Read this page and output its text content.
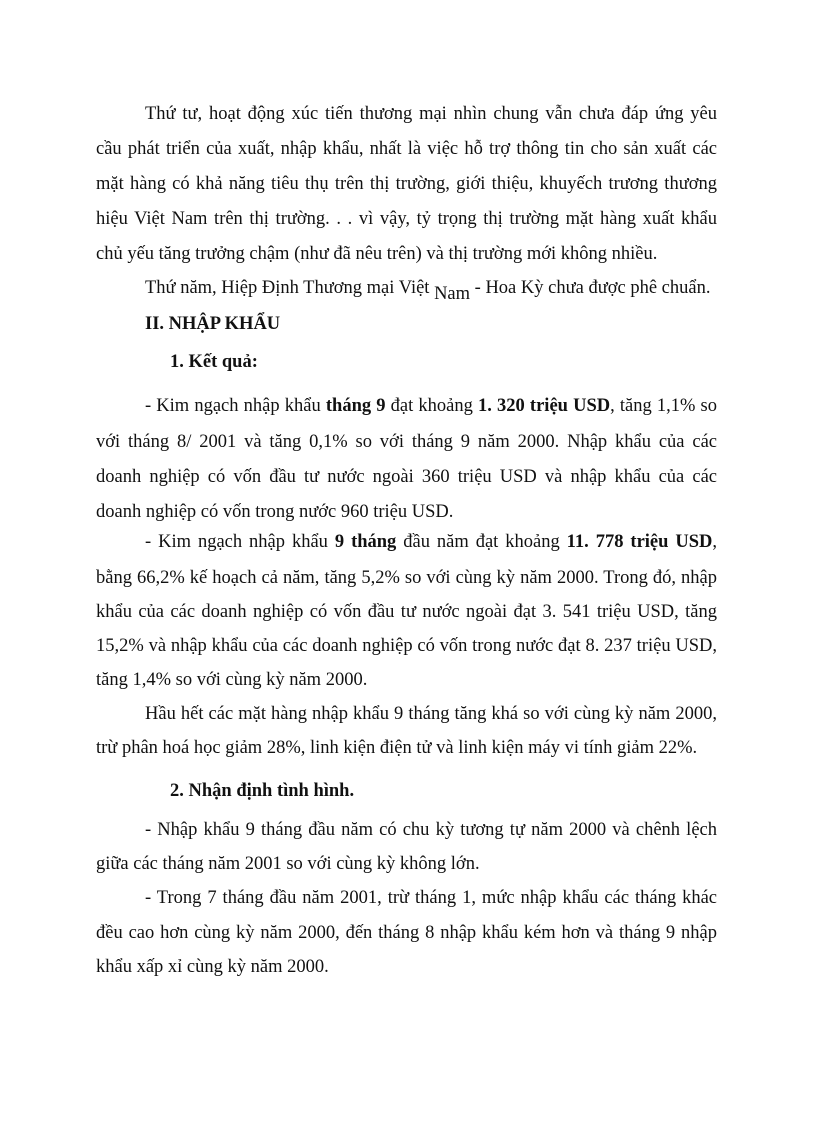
Thứ tư, hoạt động xúc tiến thương mại nhìn chung vẫn chưa đáp ứng yêu
cầu phát triển của xuất, nhập khẩu, nhất là việc hỗ trợ thông tin cho sản xuất các
mặt hàng có khả năng tiêu thụ trên thị trường, giới thiệu, khuyếch trương thương
hiệu Việt Nam trên thị trường. . . vì vậy, tỷ trọng thị trường mặt hàng xuất khẩu
chủ yếu tăng trưởng chậm (như đã nêu trên) và thị trường mới không nhiều.
Thứ năm, Hiệp Định Thương mại Việt Nam - Hoa Kỳ chưa được phê chuẩn.
II. NHẬP KHẨU
1. Kết quả:
- Kim ngạch nhập khẩu tháng 9 đạt khoảng 1. 320 triệu USD, tăng 1,1% so
với tháng 8/ 2001 và tăng 0,1% so với tháng 9 năm 2000. Nhập khẩu của các
doanh nghiệp có vốn đầu tư nước ngoài 360 triệu USD và nhập khẩu của các
doanh nghiệp có vốn trong nước 960 triệu USD.
- Kim ngạch nhập khẩu 9 tháng đầu năm đạt khoảng 11. 778 triệu USD,
bằng 66,2% kế hoạch cả năm, tăng 5,2% so với cùng kỳ năm 2000. Trong đó, nhập
khẩu của các doanh nghiệp có vốn đầu tư nước ngoài đạt 3. 541 triệu USD, tăng
15,2% và nhập khẩu của các doanh nghiệp có vốn trong nước đạt 8. 237 triệu USD,
tăng 1,4% so với cùng kỳ năm 2000.
Hầu hết các mặt hàng nhập khẩu 9 tháng tăng khá so với cùng kỳ năm 2000,
trừ phân hoá học giảm 28%, linh kiện điện tử và linh kiện máy vi tính giảm 22%.
2. Nhận định tình hình.
- Nhập khẩu 9 tháng đầu năm có chu kỳ tương tự năm 2000 và chênh lệch
giữa các tháng năm 2001 so với cùng kỳ không lớn.
- Trong 7 tháng đầu năm 2001, trừ tháng 1, mức nhập khẩu các tháng khác
đều cao hơn cùng kỳ năm 2000, đến tháng 8 nhập khẩu kém hơn và tháng 9 nhập
khẩu xấp xỉ cùng kỳ năm 2000.
